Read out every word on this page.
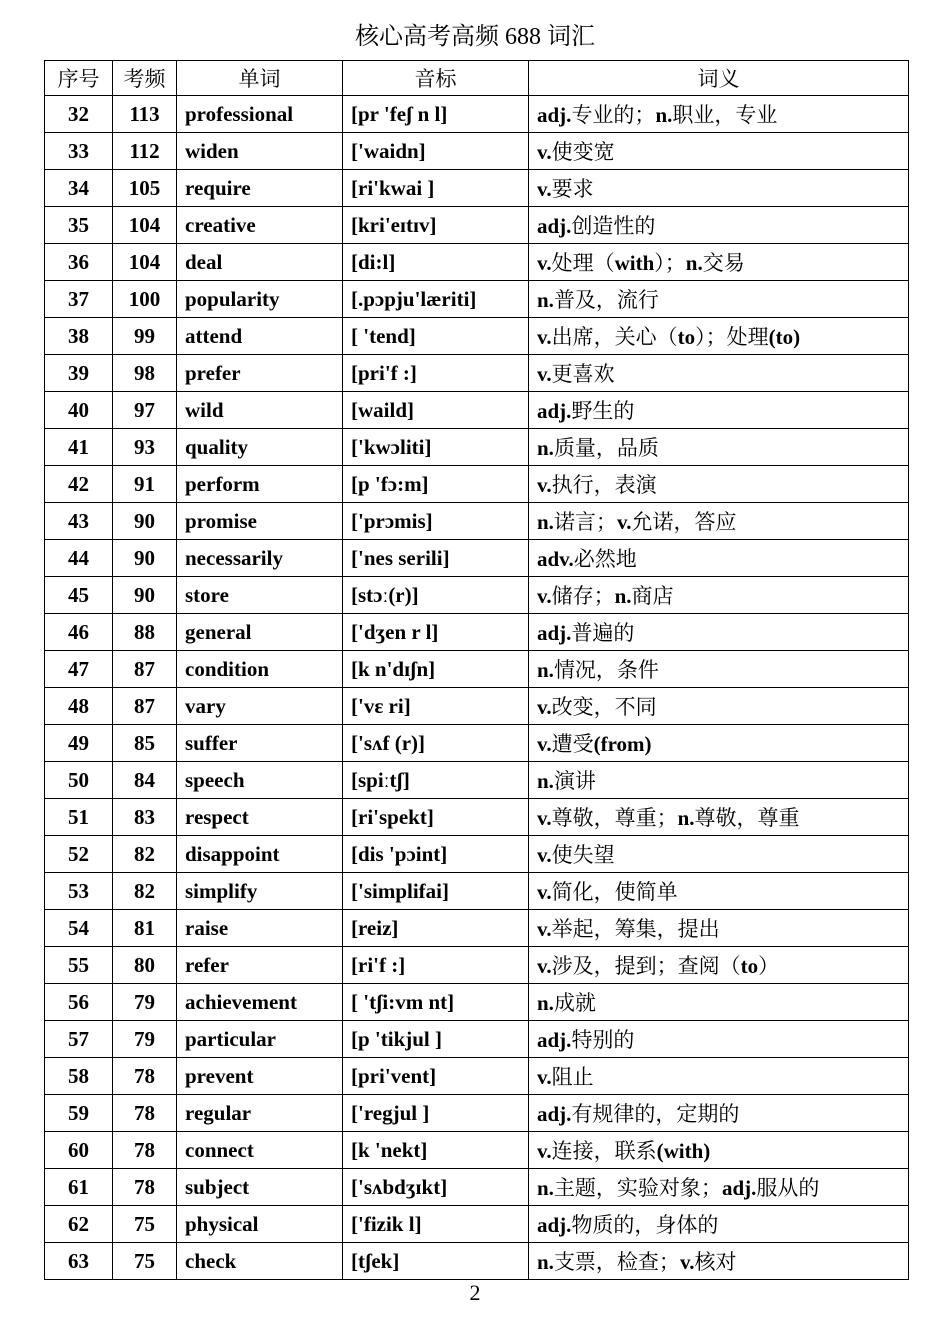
核心高考高频 688 词汇
序号	考频	单词	音标	词义
32	113	professional	[pr 'feʃ n l]	adj.专业的；n.职业，专业
33	112	widen	['waidn]	v.使变宽
34	105	require	[ri'kwai ]	v.要求
35	104	creative	[kri'eɪtɪv]	adj.创造性的
36	104	deal	[di:l]	v.处理（with）；n.交易
37	100	popularity	[.pɔpju'læriti]	n.普及，流行
38	99	attend	[ 'tend]	v.出席，关心（to）；处理(to)
39	98	prefer	[pri'f :]	v.更喜欢
40	97	wild	[waild]	adj.野生的
41	93	quality	['kwɔliti]	n.质量，品质
42	91	perform	[p 'fɔ:m]	v.执行，表演
43	90	promise	['prɔmis]	n.诺言；v.允诺，答应
44	90	necessarily	['nes serili]	adv.必然地
45	90	store	[stɔː(r)]	v.储存；n.商店
46	88	general	['dʒen r l]	adj.普遍的
47	87	condition	[k n'dɪʃn]	n.情况，条件
48	87	vary	['vɛ ri]	v.改变，不同
49	85	suffer	['sʌf (r)]	v.遭受(from)
50	84	speech	[spiːtʃ]	n.演讲
51	83	respect	[ri'spekt]	v.尊敬，尊重；n.尊敬，尊重
52	82	disappoint	[dis 'pɔint]	v.使失望
53	82	simplify	['simplifai]	v.简化，使简单
54	81	raise	[reiz]	v.举起，筹集，提出
55	80	refer	[ri'f :]	v.涉及，提到；查阅（to）
56	79	achievement	[ 'tʃi:vm nt]	n.成就
57	79	particular	[p 'tikjul ]	adj.特别的
58	78	prevent	[pri'vent]	v.阻止
59	78	regular	['regjul ]	adj.有规律的，定期的
60	78	connect	[k 'nekt]	v.连接，联系(with)
61	78	subject	['sʌbdʒɪkt]	n.主题，实验对象；adj.服从的
62	75	physical	['fizik l]	adj.物质的，身体的
63	75	check	[tʃek]	n.支票，检查；v.核对
2
